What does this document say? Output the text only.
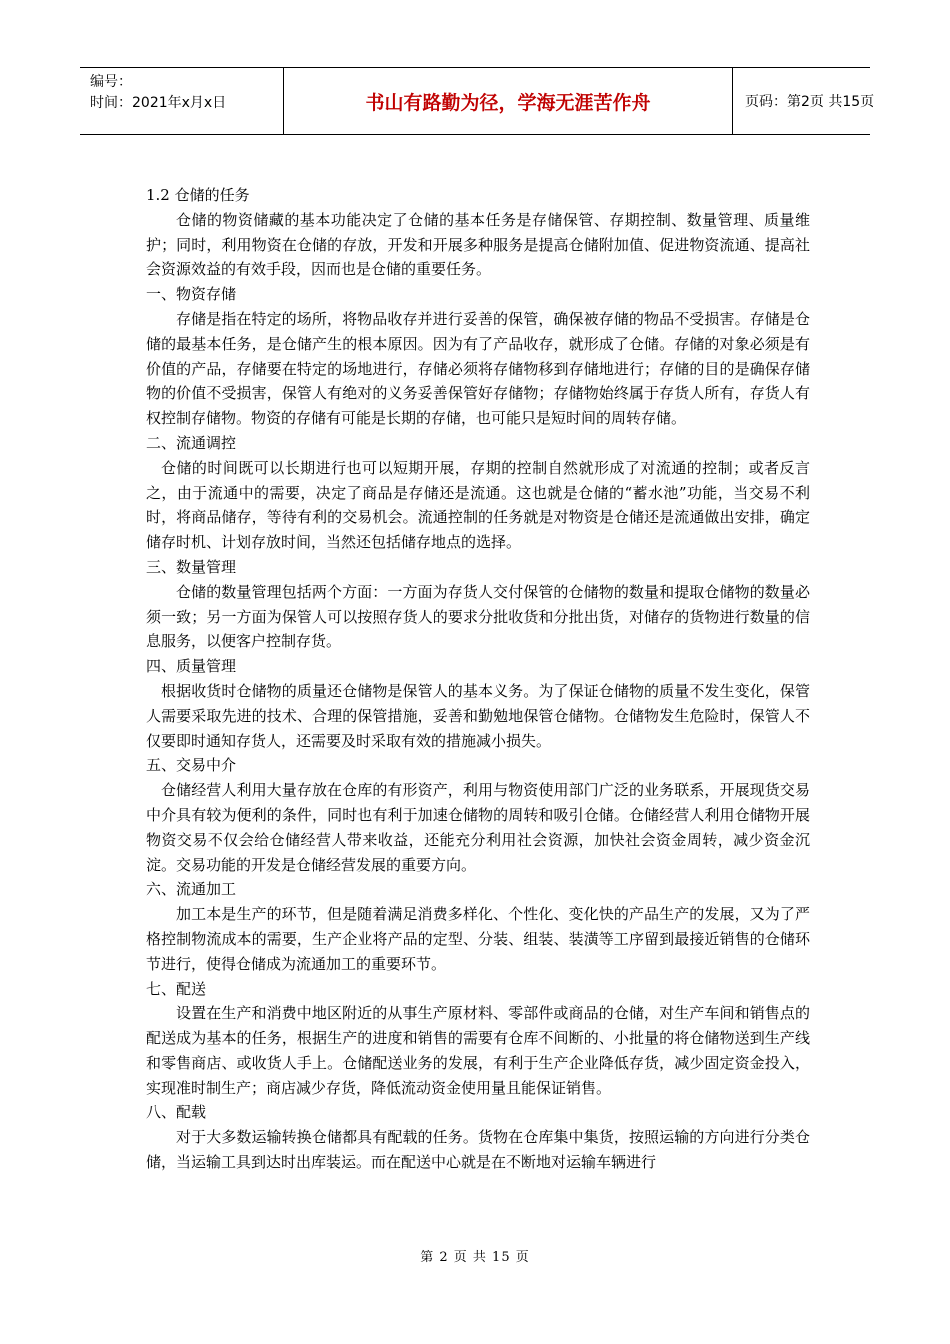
编号：
时间：2021年x月x日	书山有路勤为径，学海无涯苦作舟	页码：第2页 共15页
1.2 仓储的任务

仓储的物资储藏的基本功能决定了仓储的基本任务是存储保管、存期控制、数量管理、质量维护；同时，利用物资在仓储的存放，开发和开展多种服务是提高仓储附加值、促进物资流通、提高社会资源效益的有效手段，因而也是仓储的重要任务。

一、物资存储

存储是指在特定的场所，将物品收存并进行妥善的保管，确保被存储的物品不受损害。存储是仓储的最基本任务，是仓储产生的根本原因。因为有了产品收存，就形成了仓储。存储的对象必须是有价值的产品，存储要在特定的场地进行，存储必须将存储物移到存储地进行；存储的目的是确保存储物的价值不受损害，保管人有绝对的义务妥善保管好存储物；存储物始终属于存货人所有，存货人有权控制存储物。物资的存储有可能是长期的存储，也可能只是短时间的周转存储。

二、流通调控

仓储的时间既可以长期进行也可以短期开展，存期的控制自然就形成了对流通的控制；或者反言之，由于流通中的需要，决定了商品是存储还是流通。这也就是仓储的“蓄水池”功能，当交易不利时，将商品储存，等待有利的交易机会。流通控制的任务就是对物资是仓储还是流通做出安排，确定储存时机、计划存放时间，当然还包括储存地点的选择。

三、数量管理

仓储的数量管理包括两个方面：一方面为存货人交付保管的仓储物的数量和提取仓储物的数量必须一致；另一方面为保管人可以按照存货人的要求分批收货和分批出货，对储存的货物进行数量的信息服务，以便客户控制存货。

四、质量管理

根据收货时仓储物的质量还仓储物是保管人的基本义务。为了保证仓储物的质量不发生变化，保管人需要采取先进的技术、合理的保管措施，妥善和勤勉地保管仓储物。仓储物发生危险时，保管人不仅要即时通知存货人，还需要及时采取有效的措施减小损失。

五、交易中介

仓储经营人利用大量存放在仓库的有形资产，利用与物资使用部门广泛的业务联系，开展现货交易中介具有较为便利的条件，同时也有利于加速仓储物的周转和吸引仓储。仓储经营人利用仓储物开展物资交易不仅会给仓储经营人带来收益，还能充分利用社会资源，加快社会资金周转，减少资金沉淀。交易功能的开发是仓储经营发展的重要方向。

六、流通加工

加工本是生产的环节，但是随着满足消费多样化、个性化、变化快的产品生产的发展，又为了严格控制物流成本的需要，生产企业将产品的定型、分装、组装、装潢等工序留到最接近销售的仓储环节进行，使得仓储成为流通加工的重要环节。

七、配送

设置在生产和消费中地区附近的从事生产原材料、零部件或商品的仓储，对生产车间和销售点的配送成为基本的任务，根据生产的进度和销售的需要有仓库不间断的、小批量的将仓储物送到生产线和零售商店、或收货人手上。仓储配送业务的发展，有利于生产企业降低存货，减少固定资金投入，实现准时制生产；商店减少存货，降低流动资金使用量且能保证销售。

八、配载

对于大多数运输转换仓储都具有配载的任务。货物在仓库集中集货，按照运输的方向进行分类仓储，当运输工具到达时出库装运。而在配送中心就是在不断地对运输车辆进行

第 2 页 共 15 页
